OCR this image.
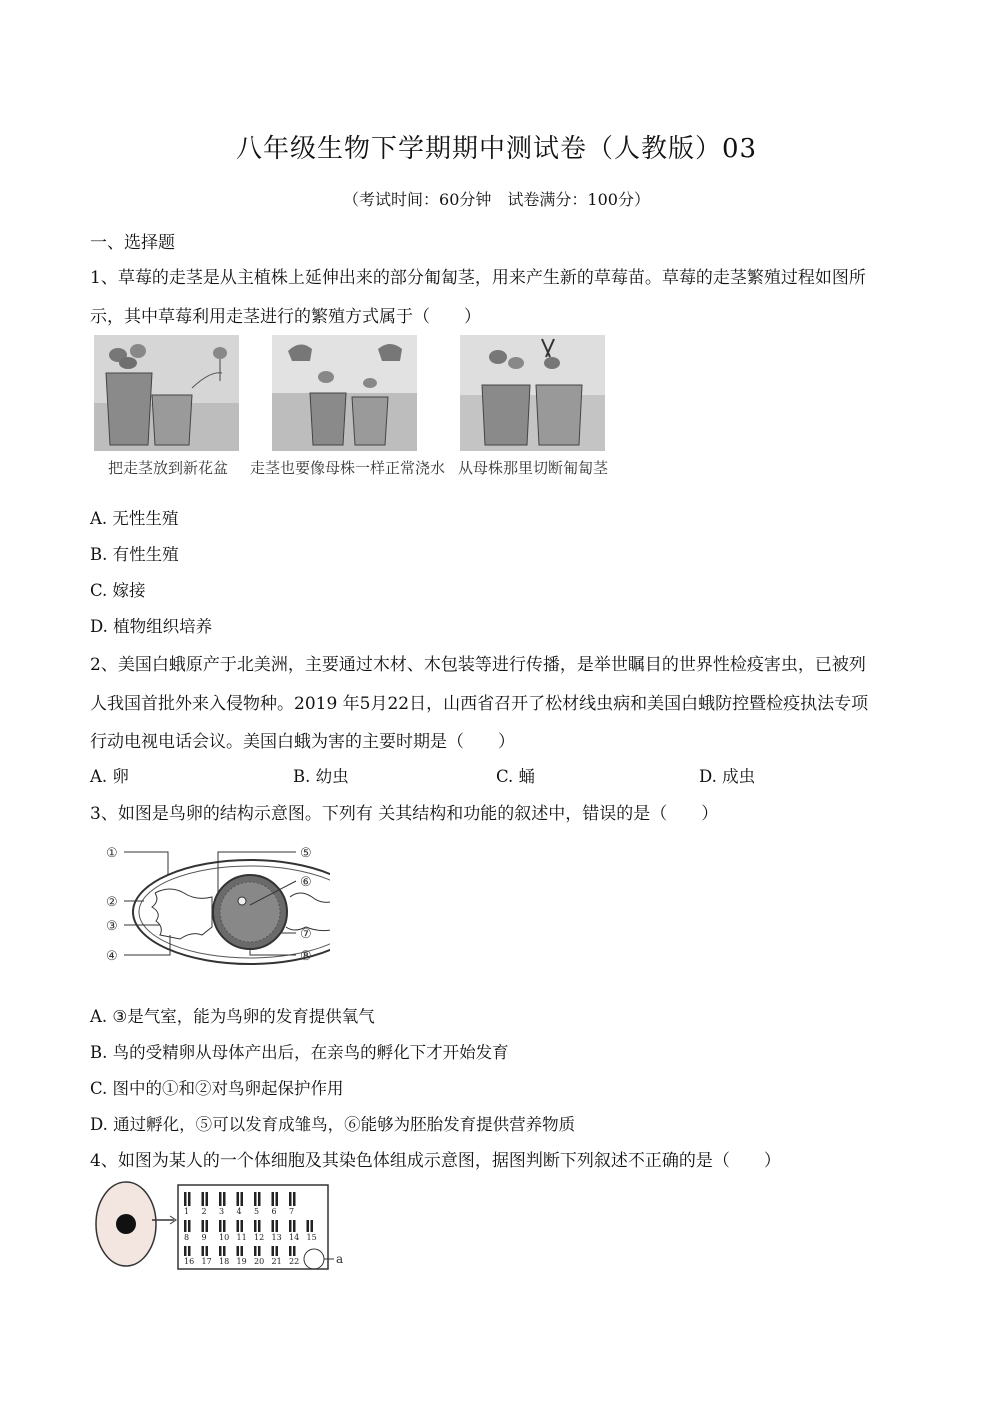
八年级生物下学期期中测试卷（人教版）03
（考试时间：60分钟　试卷满分：100分）
一、选择题
1、草莓的走茎是从主植株上延伸出来的部分匍匐茎，用来产生新的草莓苗。草莓的走茎繁殖过程如图所
示，其中草莓利用走茎进行的繁殖方式属于（　　）
把走茎放到新花盆 走茎也要像母株一样正常浇水 从母株那里切断匍匐茎
A. 无性生殖
B. 有性生殖
C. 嫁接
D. 植物组织培养
2、美国白蛾原产于北美洲，主要通过木材、木包装等进行传播，是举世瞩目的世界性检疫害虫，已被列
人我国首批外来入侵物种。2019 年5月22日，山西省召开了松材线虫病和美国白蛾防控暨检疫执法专项
行动电视电话会议。美国白蛾为害的主要时期是（　　）
A. 卵	B. 幼虫	C. 蛹	D. 成虫
3、如图是鸟卵的结构示意图。下列有 关其结构和功能的叙述中，错误的是（　　）
①
②
③
④
⑤
⑥
⑦
⑧
A. ③是气室，能为鸟卵的发育提供氧气
B. 鸟的受精卵从母体产出后，在亲鸟的孵化下才开始发育
C. 图中的①和②对鸟卵起保护作用
D. 通过孵化，⑤可以发育成雏鸟，⑥能够为胚胎发育提供营养物质
4、如图为某人的一个体细胞及其染色体组成示意图，据图判断下列叙述不正确的是（　　）
1 2 3 4 5 6 7
8 9 10 11 12 13 14 15
16 17 18 19 20 21 22	a
